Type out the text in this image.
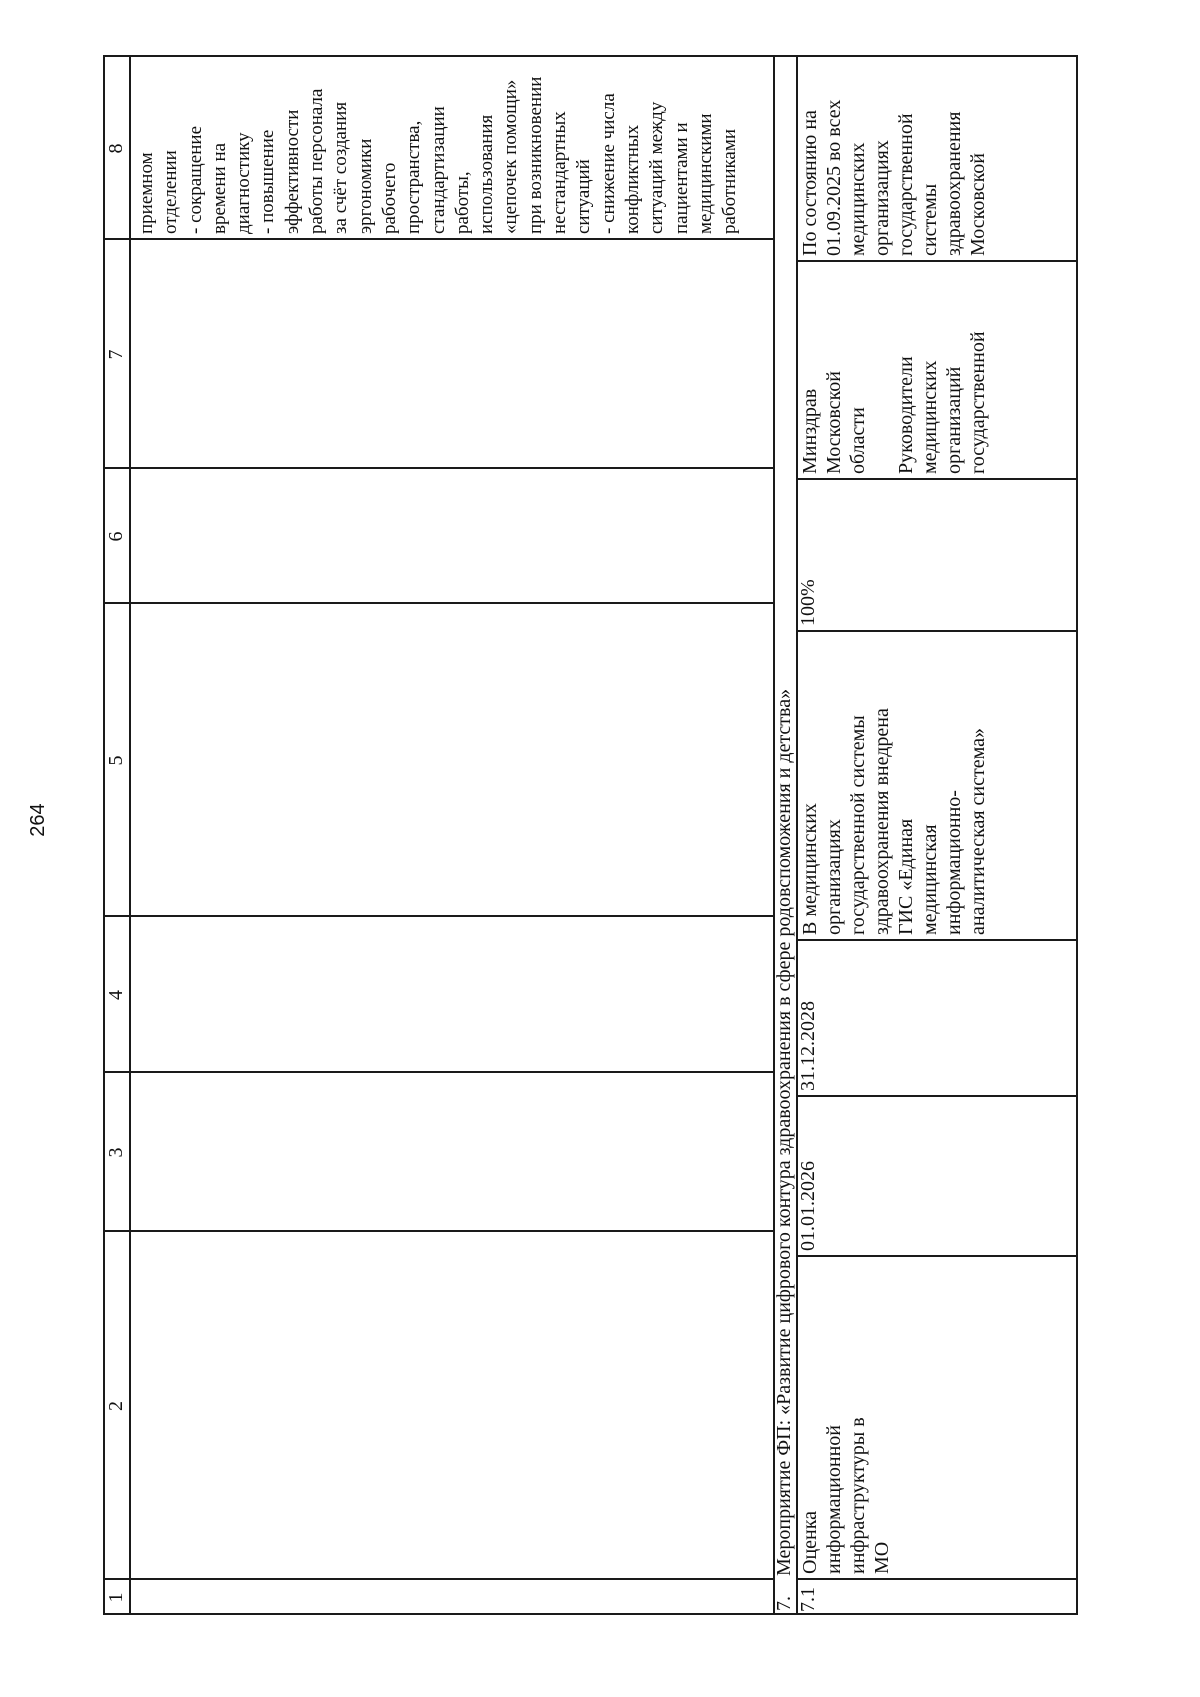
264
1
2
3
4
5
6
7
8
приемном
отделении
- сокращение
времени на
диагностику
- повышение
эффективности
работы персонала
за счёт создания
эргономики
рабочего
пространства,
стандартизации
работы,
использования
«цепочек помощи»
при возникновении
нестандартных
ситуаций
- снижение числа
конфликтных
ситуаций между
пациентами и
медицинскими
работниками
7.
Мероприятие ФП: «Развитие цифрового контура здравоохранения в сфере родовспоможения и детства»
7.1
Оценка
информационной
инфраструктуры в
МО
01.01.2026
31.12.2028
В медицинских
организациях
государственной системы
здравоохранения внедрена
ГИС «Единая
медицинская
информационно-
аналитическая система»
100%
Минздрав
Московской
области

Руководители
медицинских
организаций
государственной
По состоянию на
01.09.2025 во всех
медицинских
организациях
государственной
системы
здравоохранения
Московской
